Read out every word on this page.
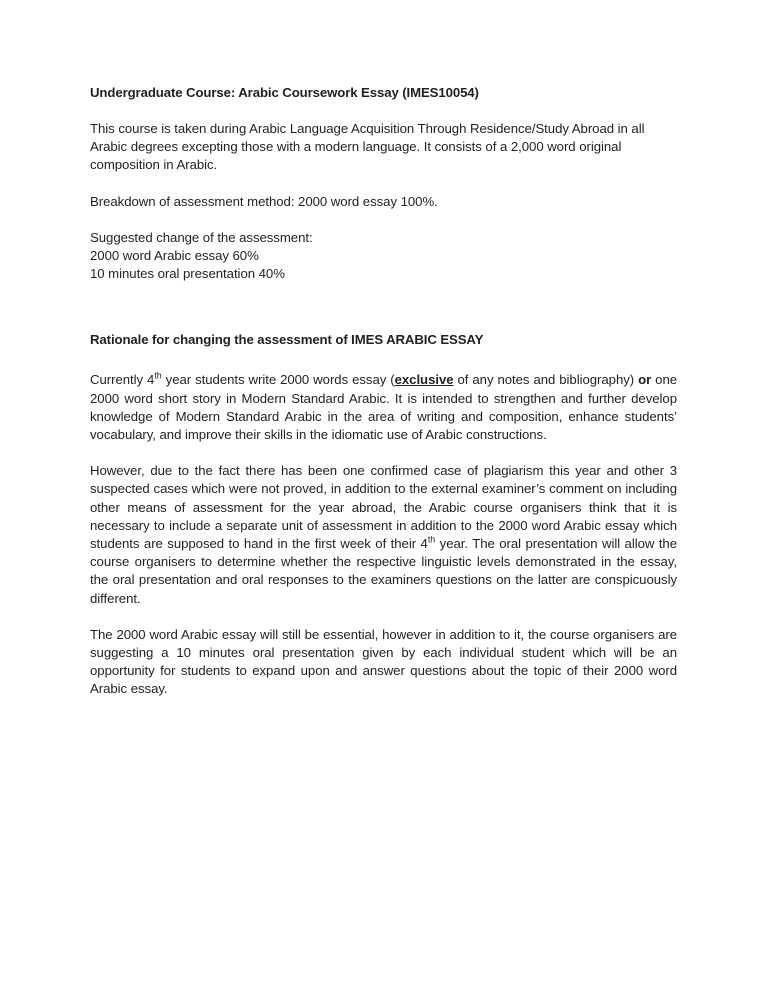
Undergraduate Course: Arabic Coursework Essay (IMES10054)

This course is taken during Arabic Language Acquisition Through Residence/Study Abroad in all Arabic degrees excepting those with a modern language. It consists of a 2,000 word original composition in Arabic.

Breakdown of assessment method: 2000 word essay 100%.

Suggested change of the assessment:
2000 word Arabic essay 60%
10 minutes oral presentation 40%

Rationale for changing the assessment of IMES ARABIC ESSAY

Currently 4th year students write 2000 words essay (exclusive of any notes and bibliography) or one 2000 word short story in Modern Standard Arabic. It is intended to strengthen and further develop knowledge of Modern Standard Arabic in the area of writing and composition, enhance students’ vocabulary, and improve their skills in the idiomatic use of Arabic constructions.

However, due to the fact there has been one confirmed case of plagiarism this year and other 3 suspected cases which were not proved, in addition to the external examiner’s comment on including other means of assessment for the year abroad, the Arabic course organisers think that it is necessary to include a separate unit of assessment in addition to the 2000 word Arabic essay which students are supposed to hand in the first week of their 4th year. The oral presentation will allow the course organisers to determine whether the respective linguistic levels demonstrated in the essay, the oral presentation and oral responses to the examiners questions on the latter are conspicuously different.

The 2000 word Arabic essay will still be essential, however in addition to it, the course organisers are suggesting a 10 minutes oral presentation given by each individual student which will be an opportunity for students to expand upon and answer questions about the topic of their 2000 word Arabic essay.
